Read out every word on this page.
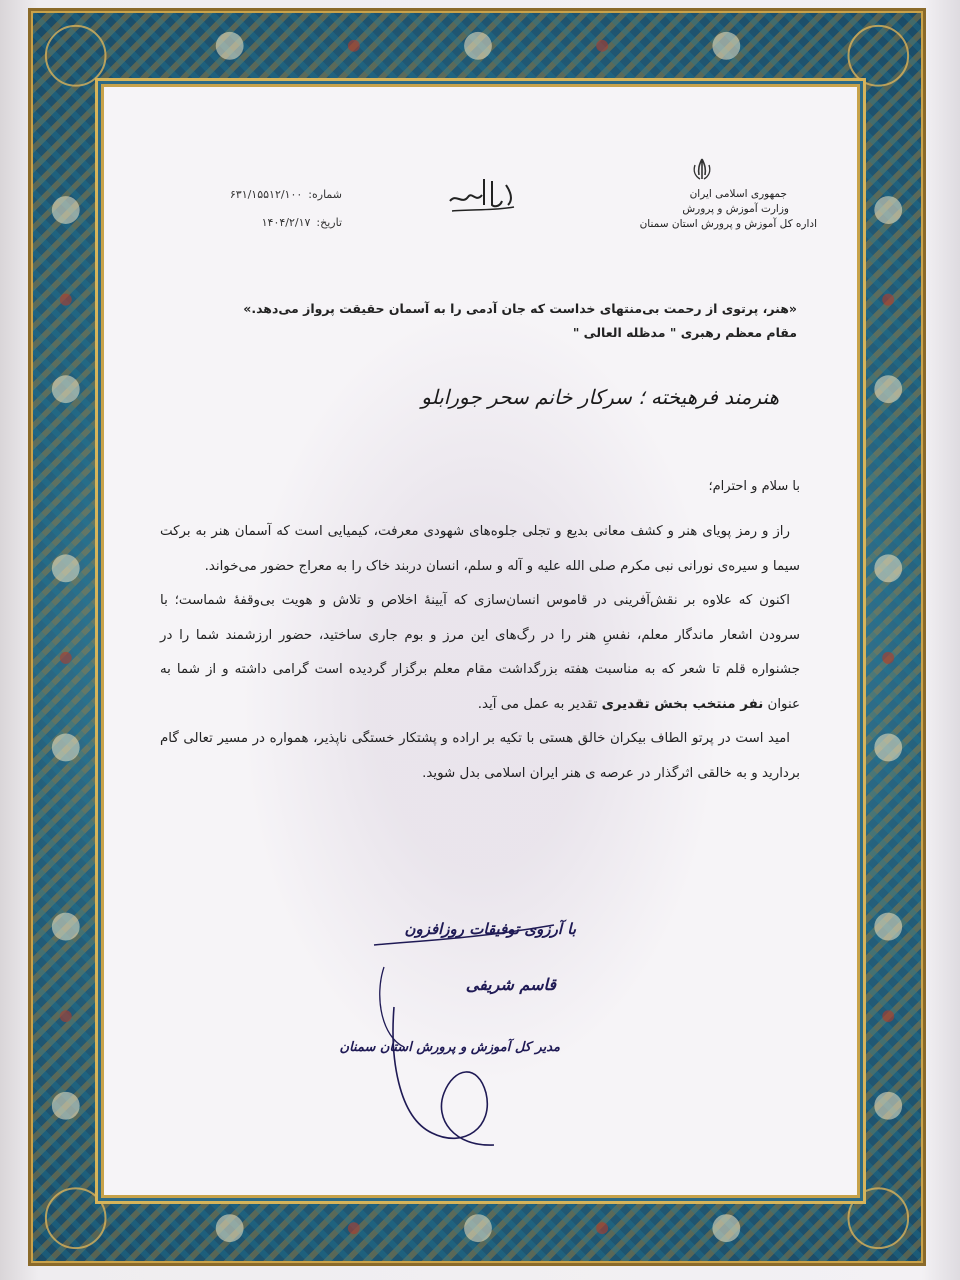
جمهوری اسلامی ایران
وزارت آموزش و پرورش
اداره کل آموزش و پرورش استان سمنان
شماره:
۶۳۱/۱۵۵۱۲/۱۰۰
تاریخ:
۱۴۰۴/۲/۱۷
«هنر، پرتوی از رحمت بی‌منتهای خداست که جان آدمی را به آسمان حقیقت پرواز می‌دهد.»
مقام معظم رهبری " مدظله العالی "
هنرمند فرهیخته ؛ سرکار خانم سحر جورابلو
با سلام و احترام؛

راز و رمز پویای هنر و کشف معانی بدیع و تجلی جلوه‌های شهودی معرفت، کیمیایی است که آسمان هنر به برکت سیما و سیره‌ی نورانی نبی مکرم صلی الله علیه و آله و سلم، انسان دربند خاک را به معراج حضور می‌خواند.

اکنون که علاوه بر نقش‌آفرینی در قاموس انسان‌سازی که آیینهٔ اخلاص و تلاش و هویت بی‌وقفهٔ شماست؛ با سرودن اشعار ماندگار معلم، نفسِ هنر را در رگ‌های این مرز و بوم جاری ساختید، حضور ارزشمند شما را در جشنواره قلم تا شعر که به مناسبت هفته بزرگداشت مقام معلم برگزار گردیده است گرامی داشته و از شما به عنوان نفر منتخب بخش تقدیری تقدیر به عمل می آید.

امید است در پرتو الطاف بیکران خالق هستی با تکیه بر اراده و پشتکار خستگی ناپذیر، همواره در مسیر تعالی گام بردارید و به خالقی اثرگذار در عرصه ی هنر ایران اسلامی بدل شوید.

با آرزوی توفیقات روزافزون
قاسم شریفی
مدیر کل آموزش و پرورش استان سمنان
